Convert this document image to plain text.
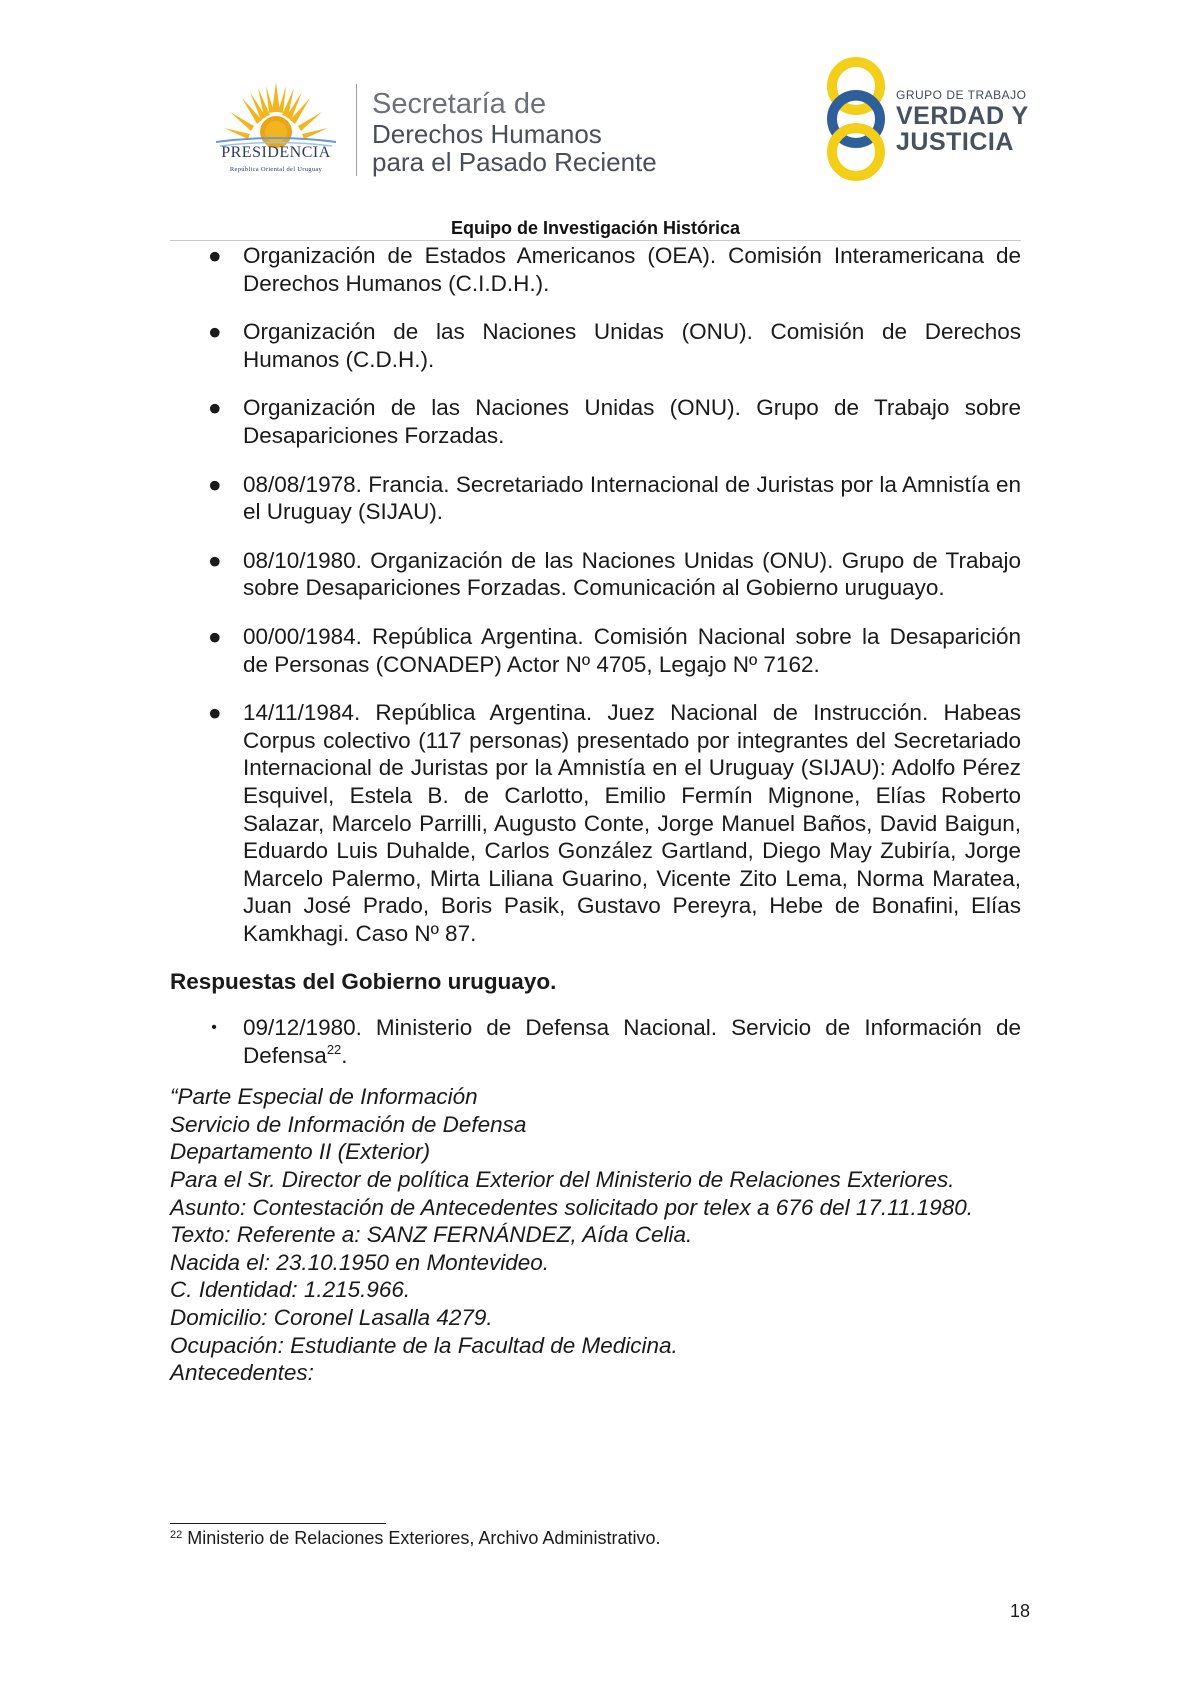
PRESIDENCIA
República Oriental del Uruguay
Secretaría de
Derechos Humanos
para el Pasado Reciente
GRUPO DE TRABAJO
VERDAD Y
JUSTICIA
Equipo de Investigación Histórica
● Organización de Estados Americanos (OEA). Comisión Interamericana de Derechos Humanos (C.I.D.H.).
● Organización de las Naciones Unidas (ONU). Comisión de Derechos Humanos (C.D.H.).
● Organización de las Naciones Unidas (ONU). Grupo de Trabajo sobre Desapariciones Forzadas.
● 08/08/1978. Francia. Secretariado Internacional de Juristas por la Amnistía en el Uruguay (SIJAU).
● 08/10/1980. Organización de las Naciones Unidas (ONU). Grupo de Trabajo sobre Desapariciones Forzadas. Comunicación al Gobierno uruguayo.
● 00/00/1984. República Argentina. Comisión Nacional sobre la Desaparición de Personas (CONADEP) Actor Nº 4705, Legajo Nº 7162.
● 14/11/1984. República Argentina. Juez Nacional de Instrucción. Habeas Corpus colectivo (117 personas) presentado por integrantes del Secretariado Internacional de Juristas por la Amnistía en el Uruguay (SIJAU): Adolfo Pérez Esquivel, Estela B. de Carlotto, Emilio Fermín Mignone, Elías Roberto Salazar, Marcelo Parrilli, Augusto Conte, Jorge Manuel Baños, David Baigun, Eduardo Luis Duhalde, Carlos González Gartland, Diego May Zubiría, Jorge Marcelo Palermo, Mirta Liliana Guarino, Vicente Zito Lema, Norma Maratea, Juan José Prado, Boris Pasik, Gustavo Pereyra, Hebe de Bonafini, Elías Kamkhagi. Caso Nº 87.
Respuestas del Gobierno uruguayo.
• 09/12/1980. Ministerio de Defensa Nacional. Servicio de Información de Defensa$^{22}$.
“Parte Especial de Información
Servicio de Información de Defensa
Departamento II (Exterior)
Para el Sr. Director de política Exterior del Ministerio de Relaciones Exteriores.
Asunto: Contestación de Antecedentes solicitado por telex a 676 del 17.11.1980.
Texto: Referente a: SANZ FERNÁNDEZ, Aída Celia.
Nacida el: 23.10.1950 en Montevideo.
C. Identidad: 1.215.966.
Domicilio: Coronel Lasalla 4279.
Ocupación: Estudiante de la Facultad de Medicina.
Antecedentes:
$^{22}$ Ministerio de Relaciones Exteriores, Archivo Administrativo.
18
